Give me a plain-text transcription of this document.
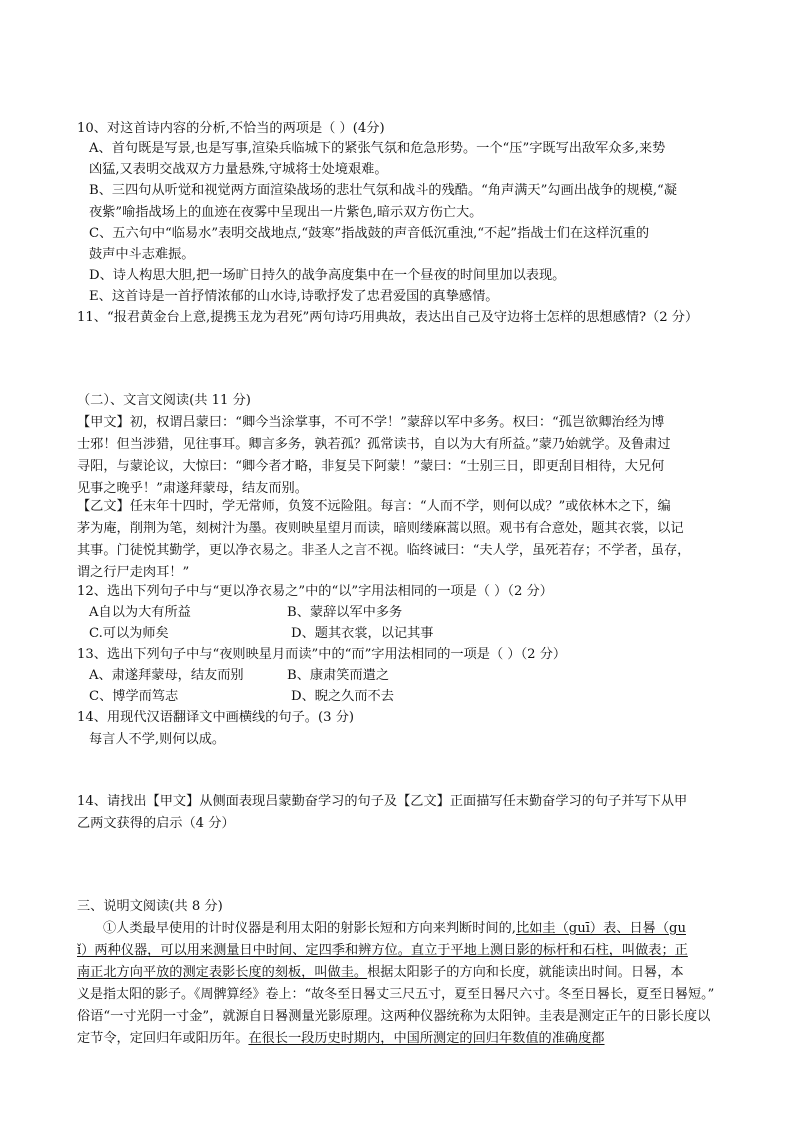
10、对这首诗内容的分析,不恰当的两项是（ ）(4分)
A、首句既是写景,也是写事,渲染兵临城下的紧张气氛和危急形势。一个“压”字既写出敌军众多,来势
凶猛,又表明交战双方力量悬殊,守城将士处境艰难。
B、三四句从听觉和视觉两方面渲染战场的悲壮气氛和战斗的残酷。“角声满天”勾画出战争的规模,“凝
夜紫”喻指战场上的血迹在夜雾中呈现出一片紫色,暗示双方伤亡大。
C、五六句中“临易水”表明交战地点,“鼓寒”指战鼓的声音低沉重浊,“不起”指战士们在这样沉重的
鼓声中斗志难振。
D、诗人构思大胆,把一场旷日持久的战争高度集中在一个昼夜的时间里加以表现。
E、这首诗是一首抒情浓郁的山水诗,诗歌抒发了忠君爱国的真挚感情。
11、“报君黄金台上意,提携玉龙为君死”两句诗巧用典故，表达出自己及守边将士怎样的思想感情?（2 分）
（二）、文言文阅读(共 11 分)
【甲文】初，权谓吕蒙曰：“卿今当涂掌事，不可不学！”蒙辞以军中多务。权曰：“孤岂欲卿治经为博
士邪！但当涉猎，见往事耳。卿言多务，孰若孤？孤常读书，自以为大有所益。”蒙乃始就学。及鲁肃过
寻阳，与蒙论议，大惊曰：“卿今者才略，非复吴下阿蒙！”蒙曰：“士别三日，即更刮目相待，大兄何
见事之晚乎！”肃遂拜蒙母，结友而别。
【乙文】任末年十四时，学无常师，负笈不远险阻。每言：“人而不学，则何以成？”或依林木之下，编
茅为庵，削荆为笔，刻树汁为墨。夜则映星望月而读，暗则缕麻蒿以照。观书有合意处，题其衣裳，以记
其事。门徒悦其勤学，更以净衣易之。非圣人之言不视。临终诫曰：“夫人学，虽死若存；不学者，虽存，
谓之行尸走肉耳！”
12、选出下列句子中与“更以净衣易之”中的“以”字用法相同的一项是（ ）（2 分）
A自以为大有所益	B、蒙辞以军中多务
C.可以为师矣	D、题其衣裳，以记其事
13、选出下列句子中与“夜则映星月而读”中的“而”字用法相同的一项是（ ）（2 分）
A、肃遂拜蒙母，结友而别	B、康肃笑而遣之
C、博学而笃志	D、睨之久而不去
14、用现代汉语翻译文中画横线的句子。(3 分)
每言人不学,则何以成。
14、请找出【甲文】从侧面表现吕蒙勤奋学习的句子及【乙文】正面描写任末勤奋学习的句子并写下从甲
乙两文获得的启示（4 分）
三、说明文阅读(共 8 分)
①人类最早使用的计时仪器是利用太阳的射影长短和方向来判断时间的,比如圭（guī）表、日晷（gu
ǐ）两种仪器，可以用来测量日中时间、定四季和辨方位。直立于平地上测日影的标杆和石柱，叫做表；正
南正北方向平放的测定表影长度的刻板，叫做圭。根据太阳影子的方向和长度，就能读出时间。日晷，本
义是指太阳的影子。《周髀算经》卷上：“故冬至日晷丈三尺五寸，夏至日晷尺六寸。冬至日晷长，夏至日晷短。”
俗语“一寸光阴一寸金”，就源自日晷测量光影原理。这两种仪器统称为太阳钟。圭表是测定正午的日影长度以
定节令，定回归年或阳历年。在很长一段历史时期内，中国所测定的回归年数值的准确度都
